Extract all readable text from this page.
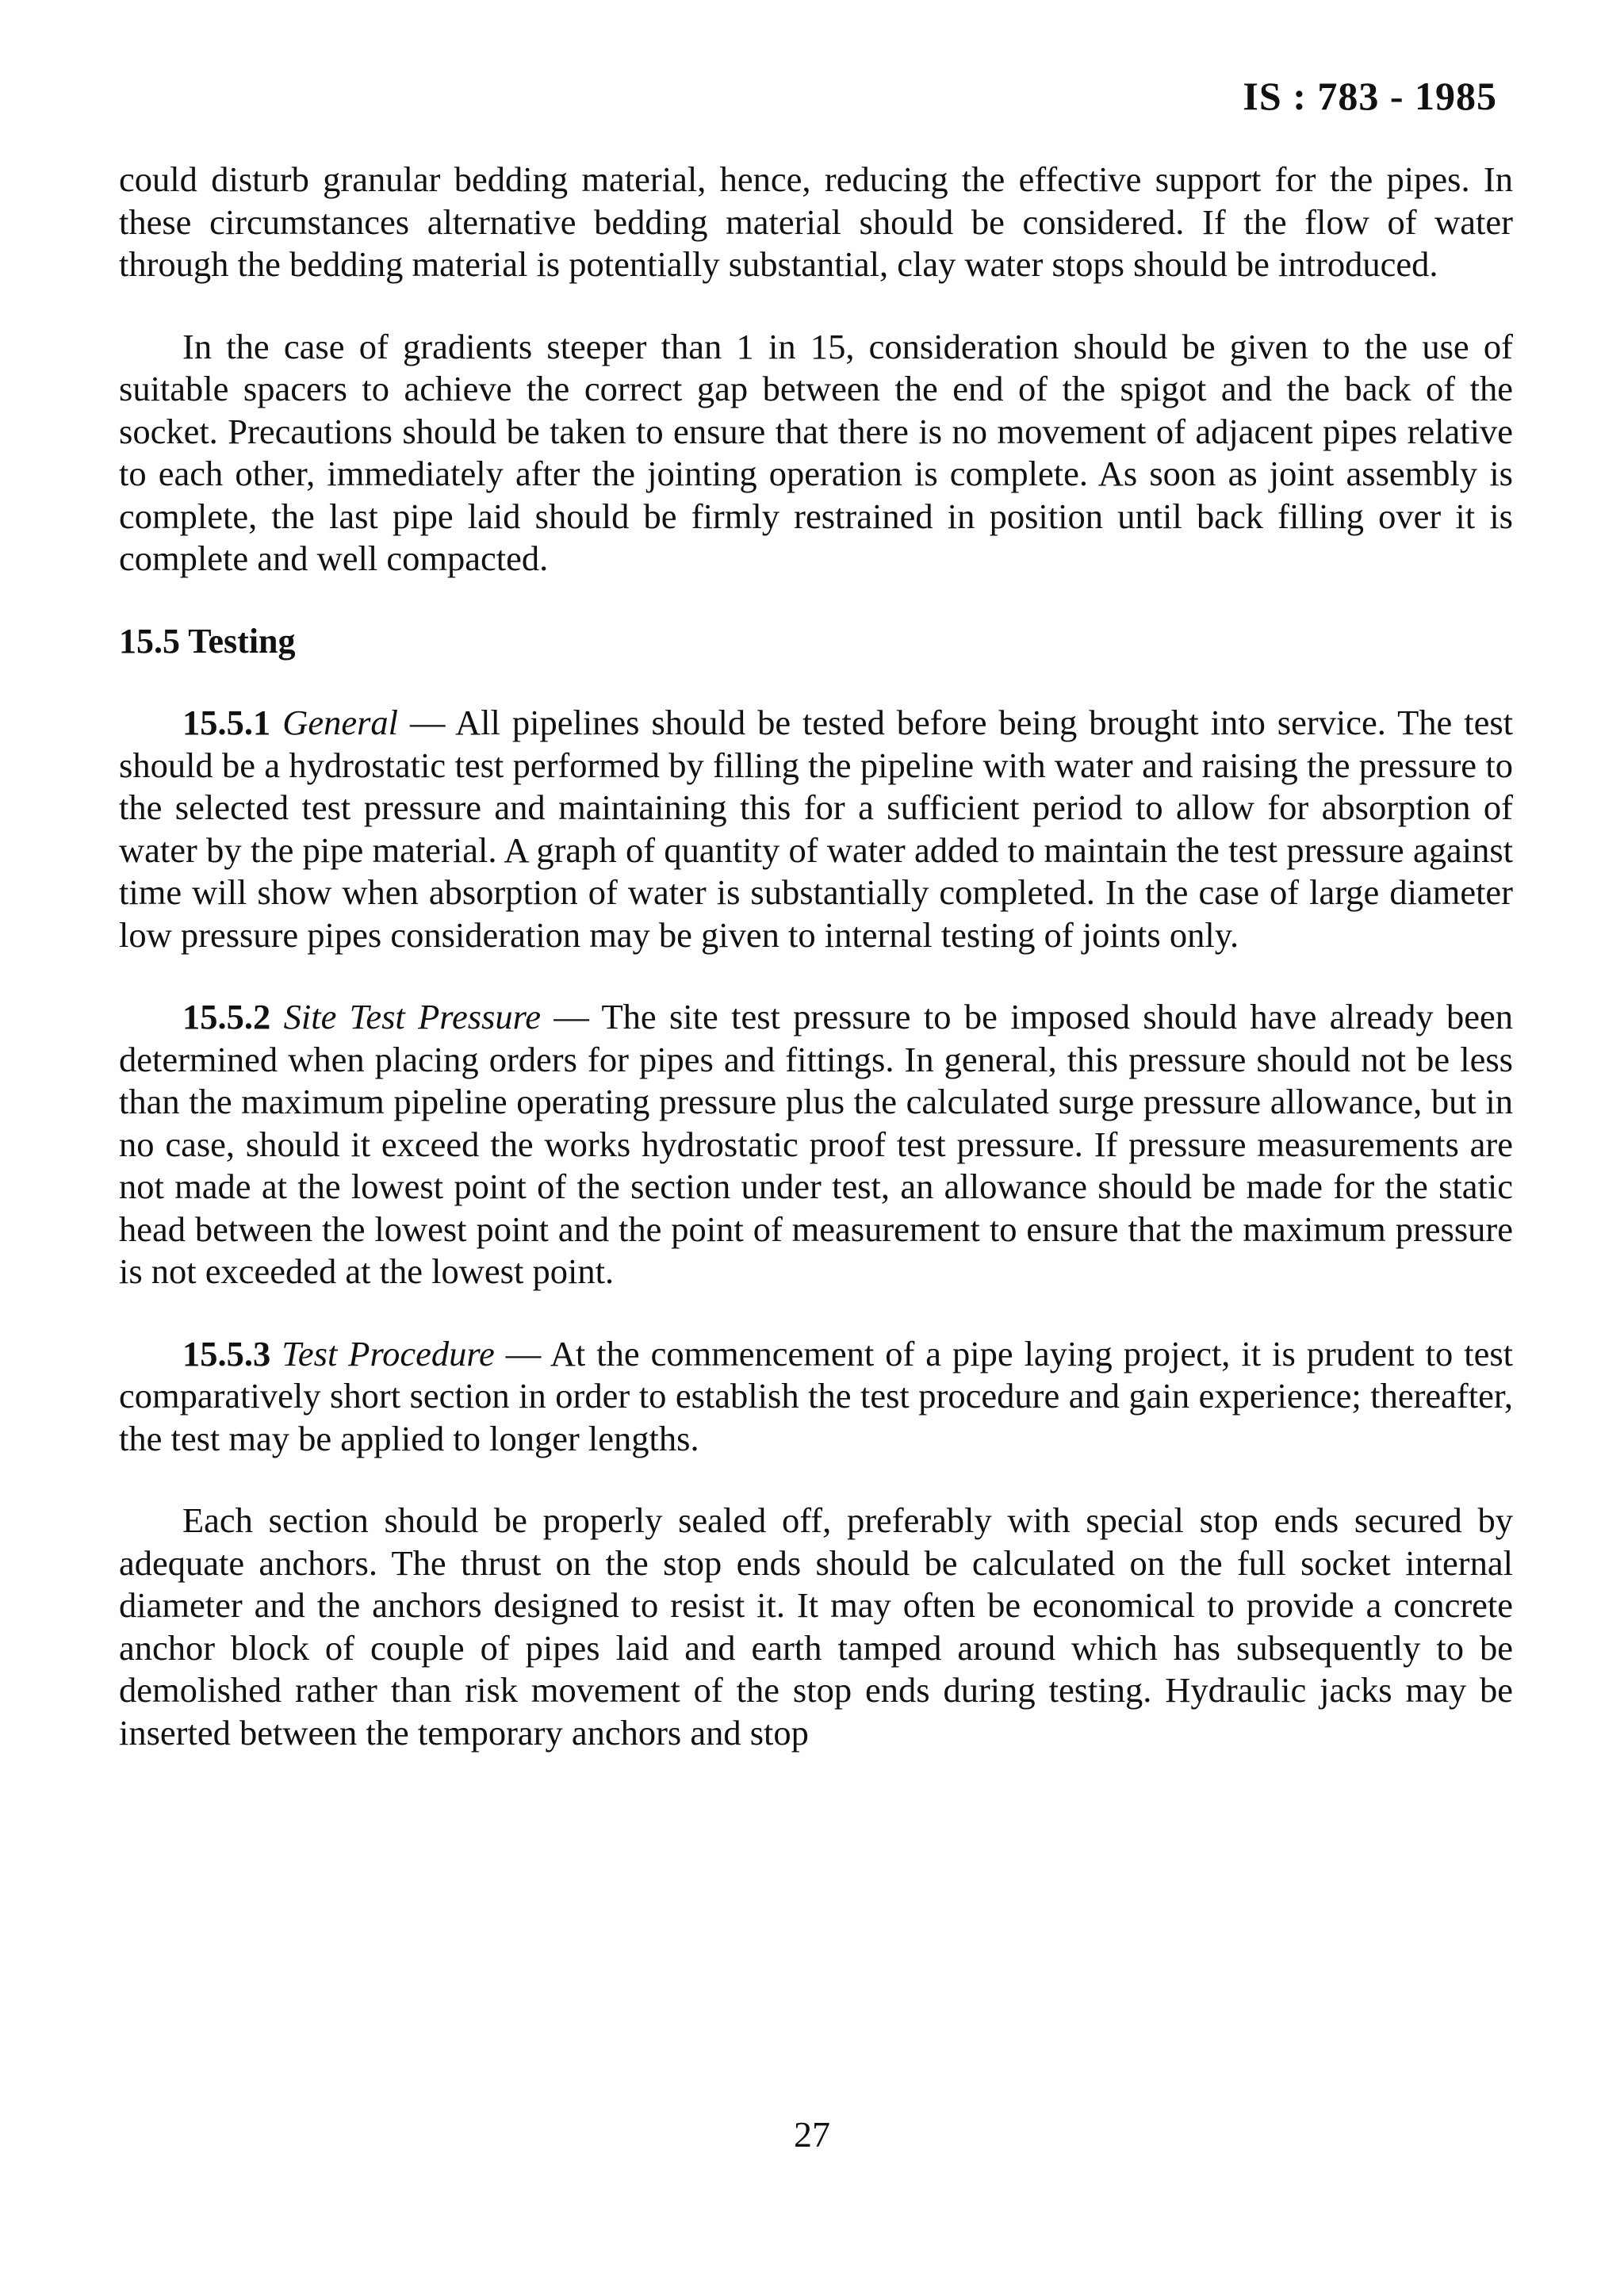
IS : 783 - 1985

could disturb granular bedding material, hence, reducing the effective support for the pipes. In these circumstances alternative bedding material should be considered. If the flow of water through the bedding material is potentially substantial, clay water stops should be introduced.

In the case of gradients steeper than 1 in 15, consideration should be given to the use of suitable spacers to achieve the correct gap between the end of the spigot and the back of the socket. Precautions should be taken to ensure that there is no movement of adjacent pipes relative to each other, immediately after the jointing operation is complete. As soon as joint assembly is complete, the last pipe laid should be firmly restrained in position until back filling over it is complete and well compacted.

15.5 Testing

15.5.1 General — All pipelines should be tested before being brought into service. The test should be a hydrostatic test performed by filling the pipeline with water and raising the pressure to the selected test pressure and maintaining this for a sufficient period to allow for absorption of water by the pipe material. A graph of quantity of water added to maintain the test pressure against time will show when absorption of water is substantially completed. In the case of large diameter low pressure pipes consideration may be given to internal testing of joints only.

15.5.2 Site Test Pressure — The site test pressure to be imposed should have already been determined when placing orders for pipes and fittings. In general, this pressure should not be less than the maximum pipeline operating pressure plus the calculated surge pressure allowance, but in no case, should it exceed the works hydrostatic proof test pressure. If pressure measurements are not made at the lowest point of the section under test, an allowance should be made for the static head between the lowest point and the point of measurement to ensure that the maximum pressure is not exceeded at the lowest point.

15.5.3 Test Procedure — At the commencement of a pipe laying project, it is prudent to test comparatively short section in order to establish the test procedure and gain experience; thereafter, the test may be applied to longer lengths.

Each section should be properly sealed off, preferably with special stop ends secured by adequate anchors. The thrust on the stop ends should be calculated on the full socket internal diameter and the anchors designed to resist it. It may often be economical to provide a concrete anchor block of couple of pipes laid and earth tamped around which has subsequently to be demolished rather than risk movement of the stop ends during testing. Hydraulic jacks may be inserted between the temporary anchors and stop

27
